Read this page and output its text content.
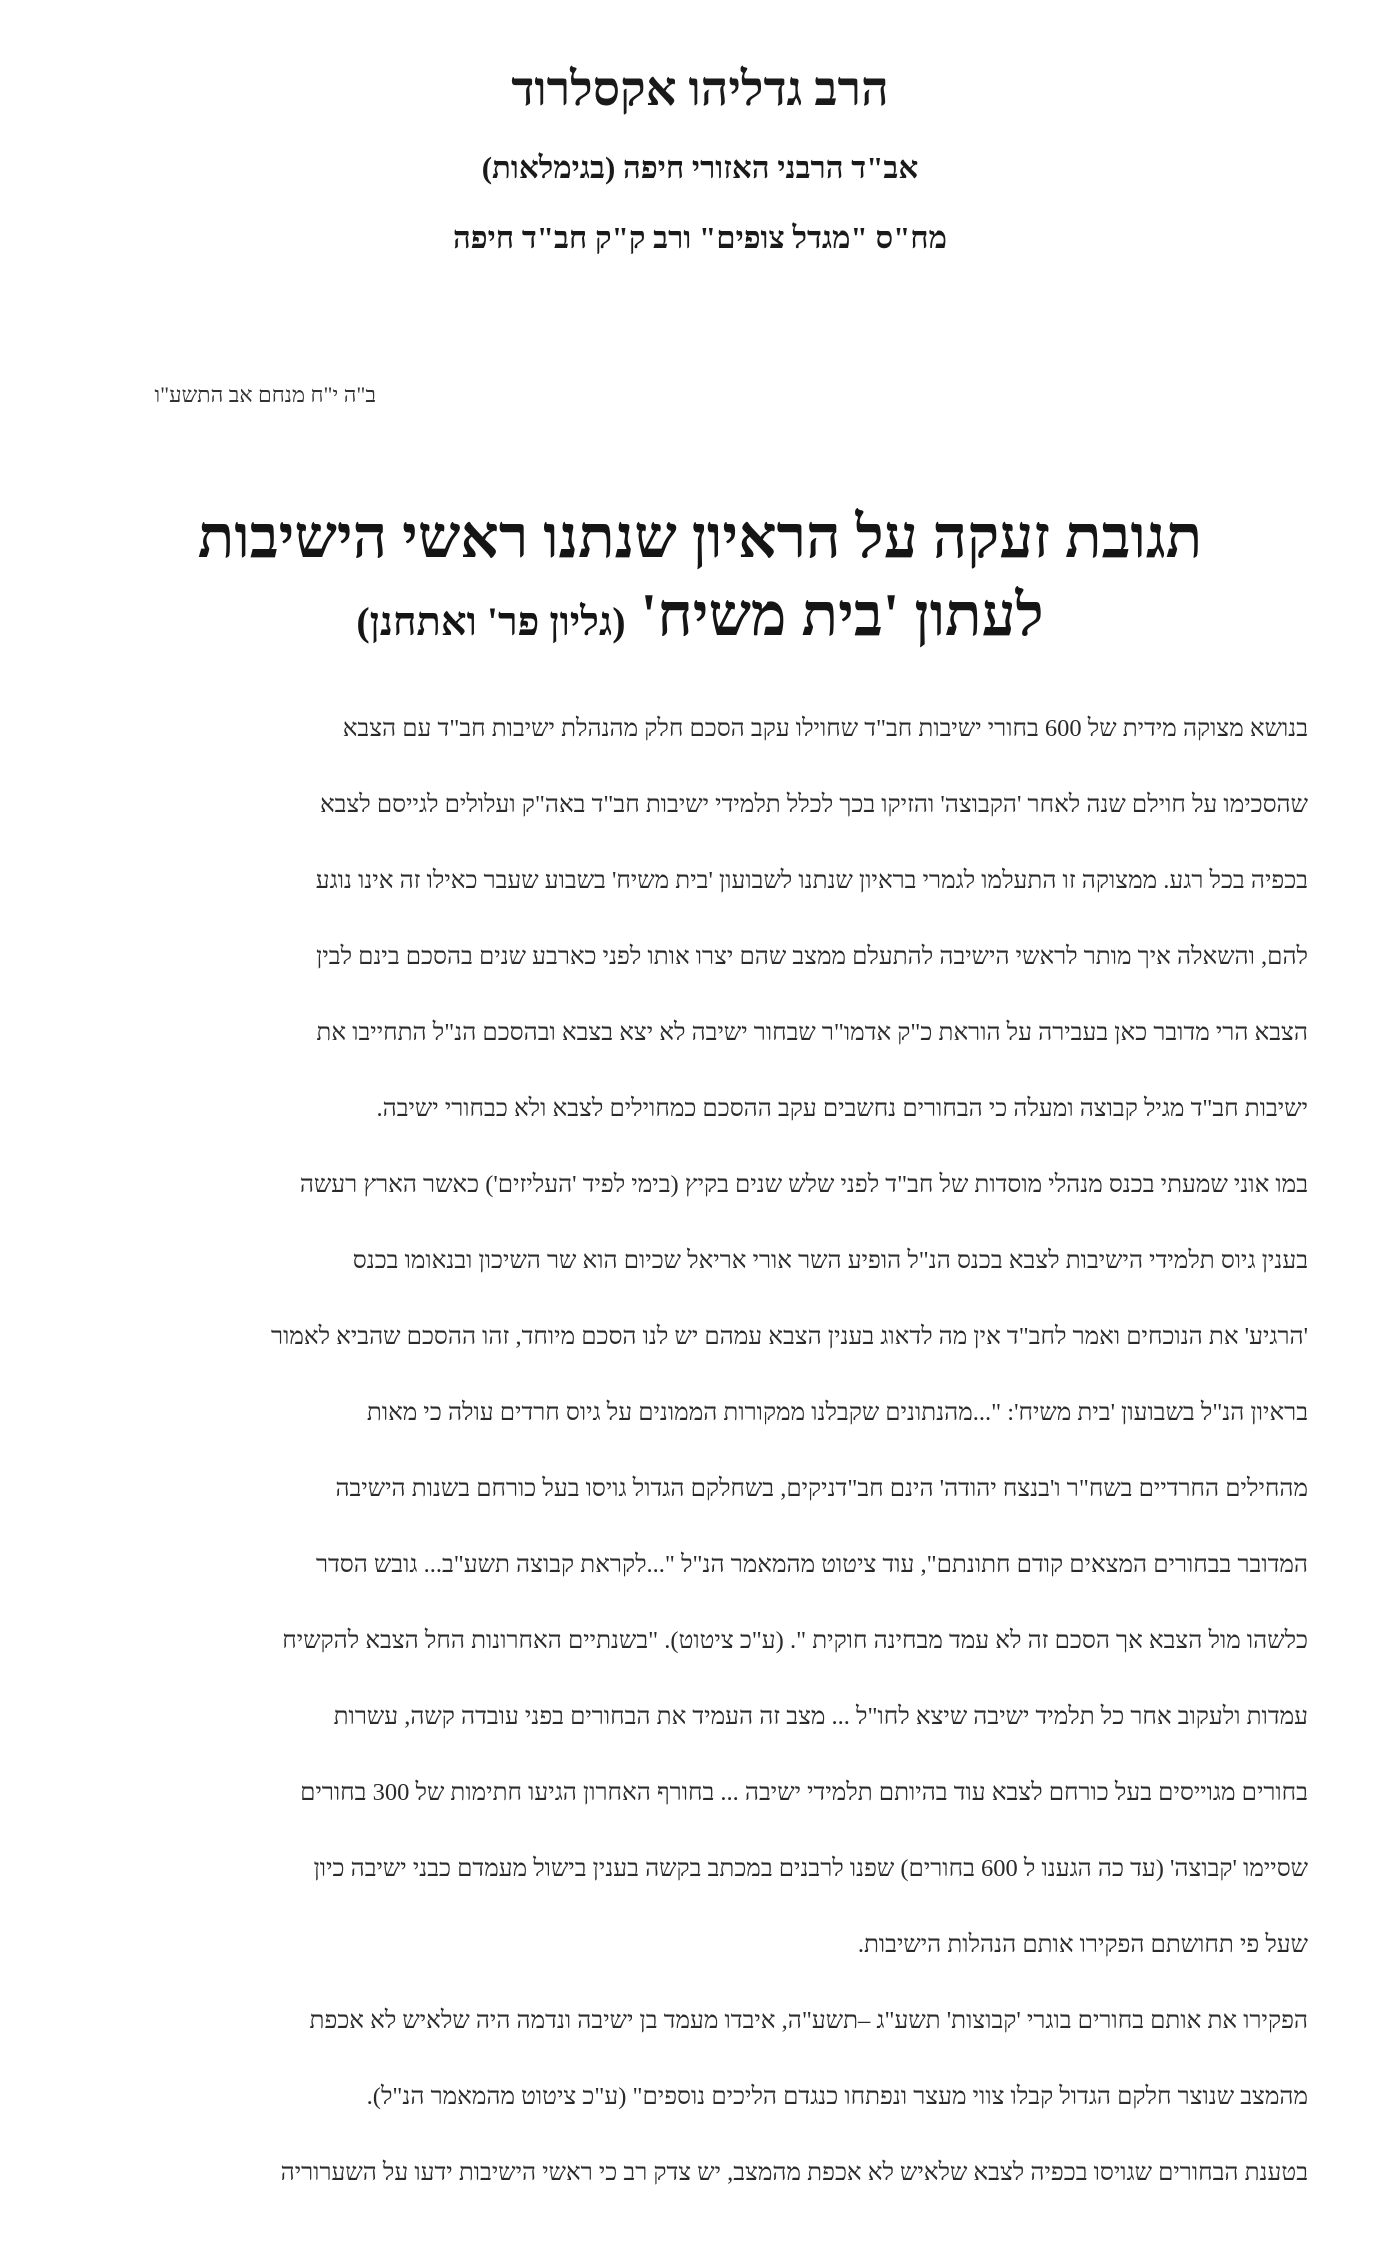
הרב גדליהו אקסלרוד

אב"ד הרבני האזורי חיפה (בגימלאות)

מח"ס "מגדל צופים" ורב ק"ק חב"ד חיפה

ב"ה י"ח מנחם אב התשע"ו

תגובת זעקה על הראיון שנתנו ראשי הישיבות

לעתון 'בית משיח' (גליון פר' ואתחנן)

בנושא מצוקה מידית של 600 בחורי ישיבות חב"ד שחוילו עקב הסכם חלק מהנהלת ישיבות חב"ד עם הצבא

שהסכימו על חוילם שנה לאחר 'הקבוצה' והזיקו בכך לכלל תלמידי ישיבות חב"ד באה"ק ועלולים לגייסם לצבא

בכפיה בכל רגע. ממצוקה זו התעלמו לגמרי בראיון שנתנו לשבועון 'בית משיח' בשבוע שעבר כאילו זה אינו נוגע

להם, והשאלה איך מותר לראשי הישיבה להתעלם ממצב שהם יצרו אותו לפני כארבע שנים בהסכם בינם לבין

הצבא הרי מדובר כאן בעבירה על הוראת כ"ק אדמו"ר שבחור ישיבה לא יצא בצבא ובהסכם הנ"ל התחייבו את

ישיבות חב"ד מגיל קבוצה ומעלה כי הבחורים נחשבים עקב ההסכם כמחוילים לצבא ולא כבחורי ישיבה.

במו אוני שמעתי בכנס מנהלי מוסדות של חב"ד לפני שלש שנים בקיץ (בימי לפיד 'העליזים') כאשר הארץ רעשה

בענין גיוס תלמידי הישיבות לצבא בכנס הנ"ל הופיע השר אורי אריאל שכיום הוא שר השיכון ובנאומו בכנס

'הרגיע' את הנוכחים ואמר לחב"ד אין מה לדאוג בענין הצבא עמהם יש לנו הסכם מיוחד, זהו ההסכם שהביא לאמור

בראיון הנ"ל בשבועון 'בית משיח': "...מהנתונים שקבלנו ממקורות הממונים על גיוס חרדים עולה כי מאות

מהחילים החרדיים בשח"ר ו'בנצח יהודה' הינם חב"דניקים, בשחלקם הגדול גויסו בעל כורחם בשנות הישיבה

המדובר בבחורים המצאים קודם חתונתם", עוד ציטוט מהמאמר הנ"ל "...לקראת קבוצה תשע"ב... גובש הסדר

כלשהו מול הצבא אך הסכם זה לא עמד מבחינה חוקית ". (ע"כ ציטוט). "בשנתיים האחרונות החל הצבא להקשיח

עמדות ולעקוב אחר כל תלמיד ישיבה שיצא לחו"ל ... מצב זה העמיד את הבחורים בפני עובדה קשה, עשרות

בחורים מגוייסים בעל כורחם לצבא עוד בהיותם תלמידי ישיבה ... בחורף האחרון הגיעו חתימות של 300 בחורים

שסיימו 'קבוצה' (עד כה הגענו ל 600 בחורים) שפנו לרבנים במכתב בקשה בענין בישול מעמדם כבני ישיבה כיון

שעל פי תחושתם הפקירו אותם הנהלות הישיבות.

הפקירו את אותם בחורים בוגרי 'קבוצות' תשע"ג –תשע"ה, איבדו מעמד בן ישיבה ונדמה היה שלאיש לא אכפת

מהמצב שנוצר חלקם הגדול קבלו צווי מעצר ונפתחו כנגדם הליכים נוספים" (ע"כ ציטוט מהמאמר הנ"ל).

בטענת הבחורים שגויסו בכפיה לצבא שלאיש לא אכפת מהמצב, יש צדק רב כי ראשי הישיבות ידעו על השערוריה
